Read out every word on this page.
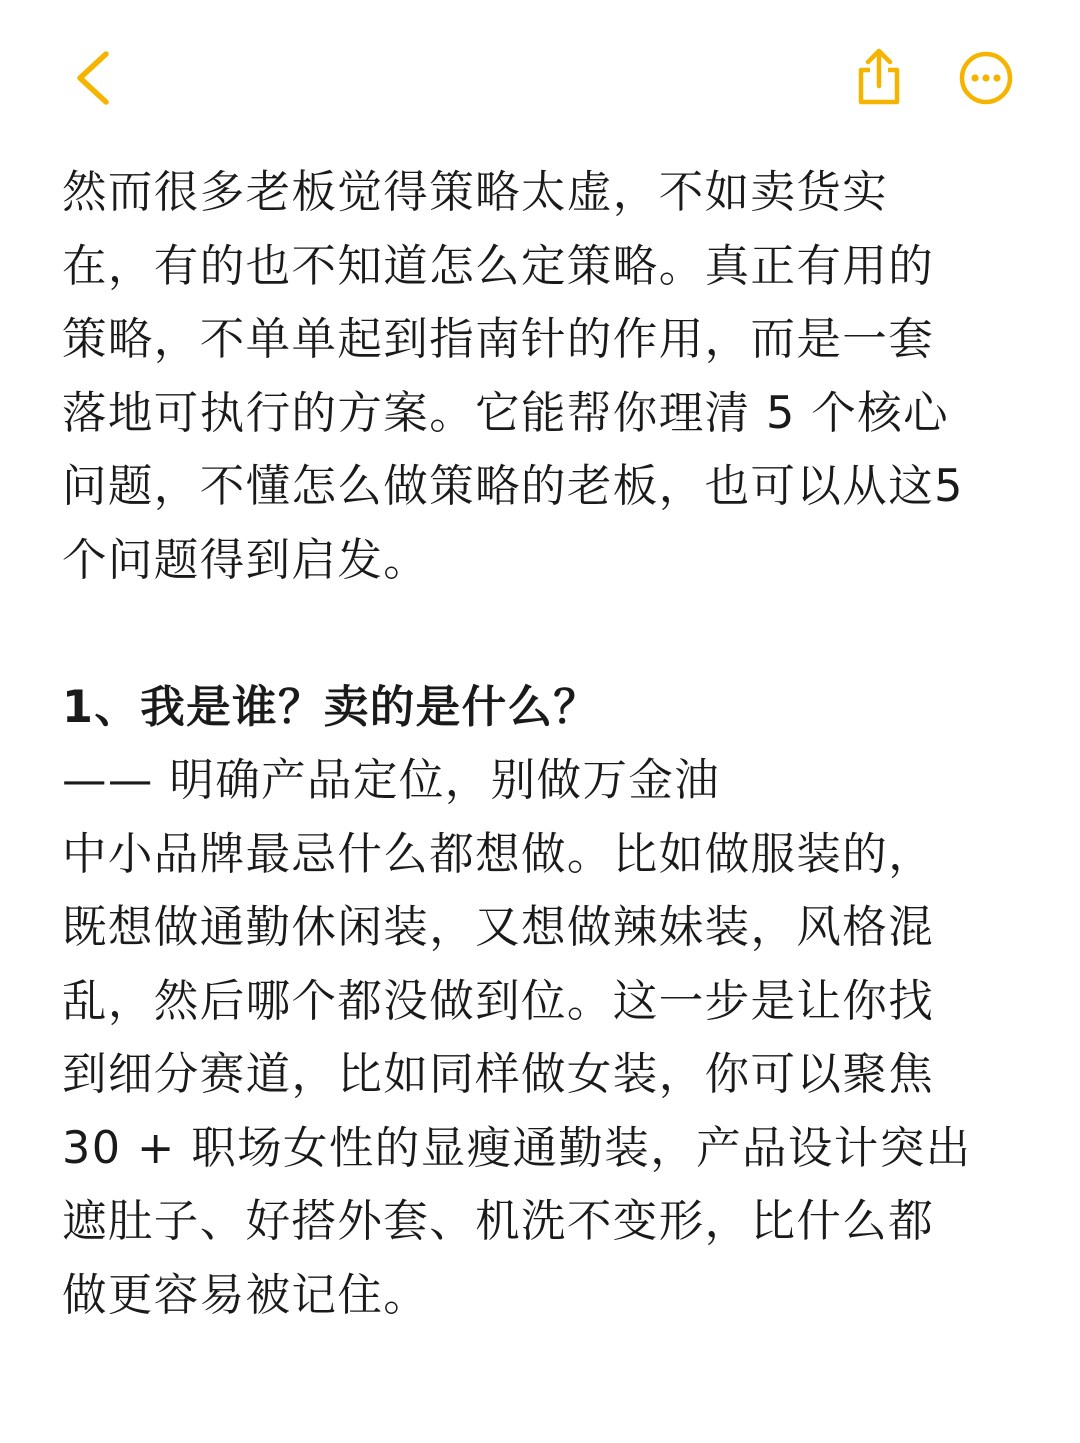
然而很多老板觉得策略太虚，不如卖货实
在，有的也不知道怎么定策略。真正有用的
策略，不单单起到指南针的作用，而是一套
落地可执行的方案。它能帮你理清 5 个核心
问题，不懂怎么做策略的老板，也可以从这5
个问题得到启发。
1、我是谁？卖的是什么？
—— 明确产品定位，别做万金油
中小品牌最忌什么都想做。比如做服装的，
既想做通勤休闲装，又想做辣妹装，风格混
乱，然后哪个都没做到位。这一步是让你找
到细分赛道，比如同样做女装，你可以聚焦
30 + 职场女性的显瘦通勤装，产品设计突出
遮肚子、好搭外套、机洗不变形，比什么都
做更容易被记住。
